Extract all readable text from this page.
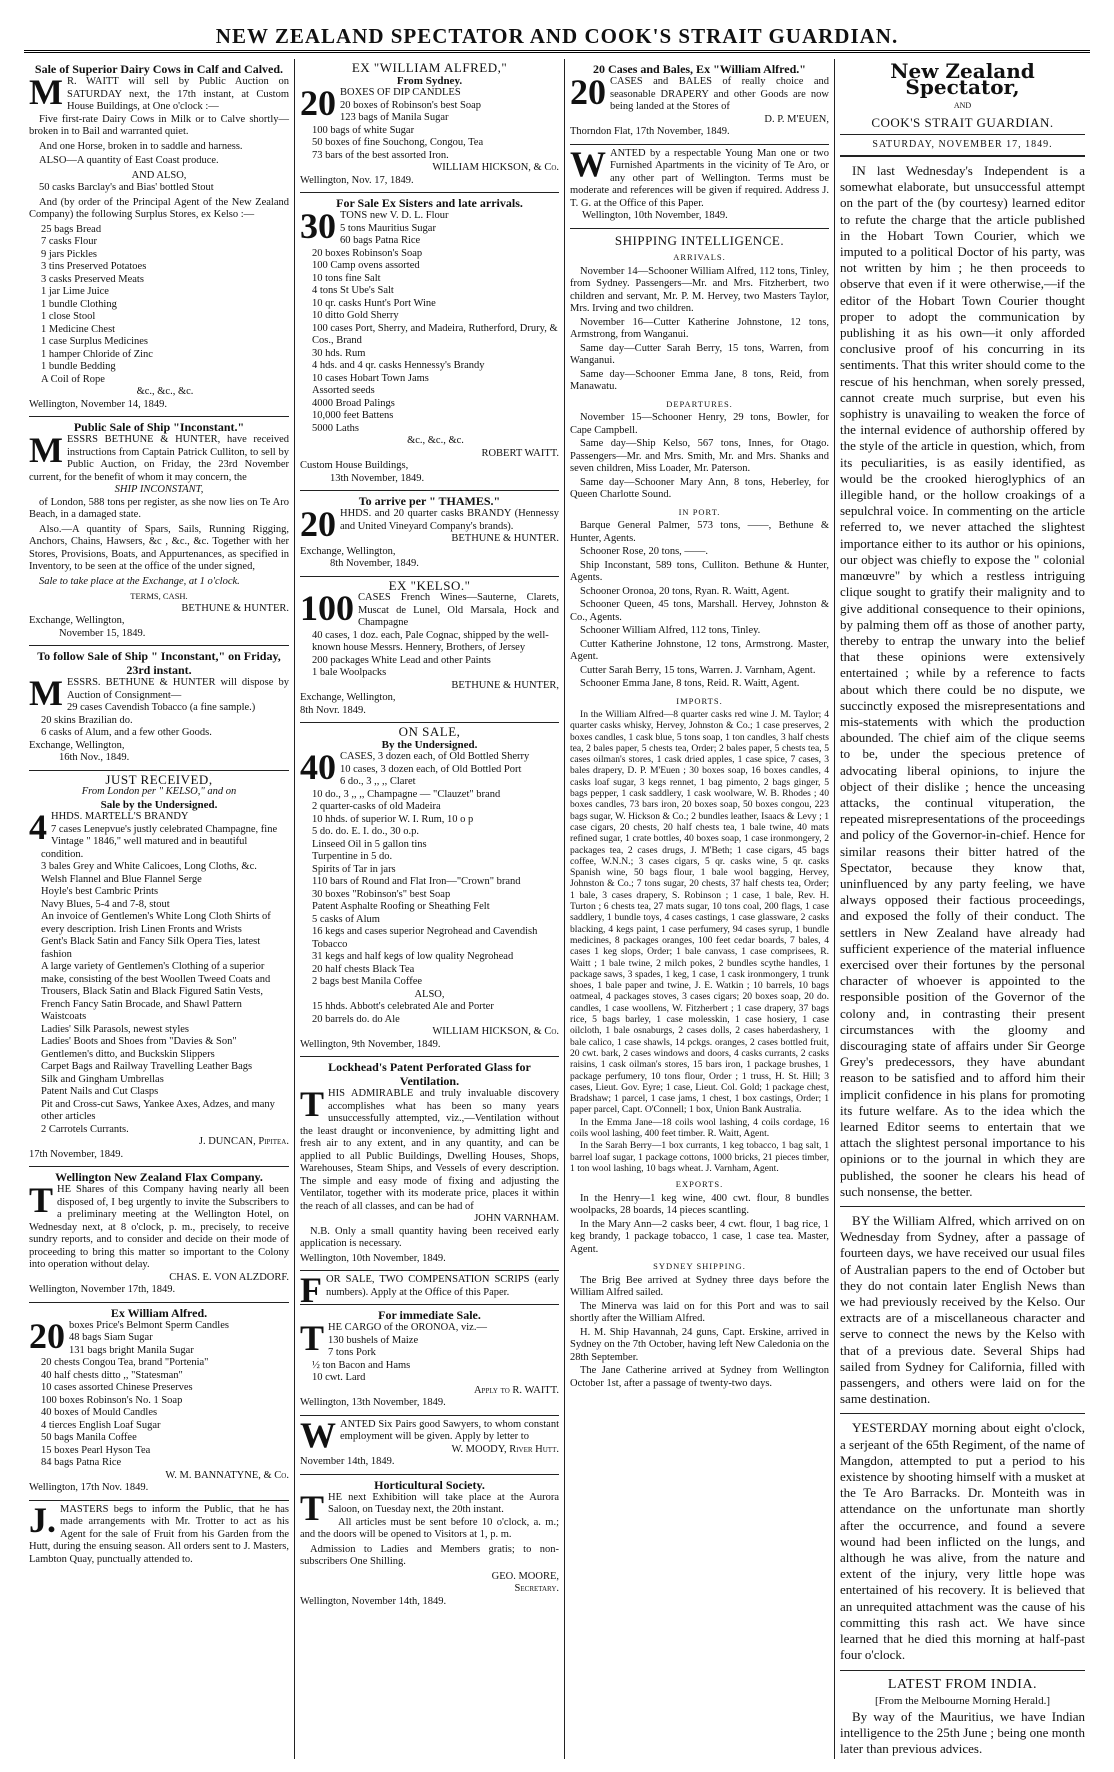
NEW ZEALAND SPECTATOR AND COOK'S STRAIT GUARDIAN.
Sale of Superior Dairy Cows in Calf and Calved.
M R. WAITT will sell by Public Auction on SATURDAY next, the 17th instant, at Custom House Buildings, at One o'clock :—
Five first-rate Dairy Cows in Milk or to Calve shortly—broken in to Bail and warranted quiet.
And one Horse, broken in to saddle and harness.
ALSO—A quantity of East Coast produce.
AND ALSO,
50 casks Barclay's and Bias' bottled Stout
And (by order of the Principal Agent of the New Zealand Company) the following Surplus Stores, ex Kelso :—
25 bags Bread
7 casks Flour
9 jars Pickles
3 tins Preserved Potatoes
3 casks Preserved Meats
1 jar Lime Juice
1 bundle Clothing
1 close Stool
1 Medicine Chest
1 case Surplus Medicines
1 hamper Chloride of Zinc
1 bundle Bedding
A Coil of Rope
&c., &c., &c.
Wellington, November 14, 1849.
Public Sale of Ship "Inconstant."
MESSRS BETHUNE & HUNTER, have received instructions from Captain Patrick Culliton, to sell by Public Auction, on Friday, the 23rd November current, for the benefit of whom it may concern, the
SHIP INCONSTANT,
of London, 588 tons per register, as she now lies on Te Aro Beach, in a damaged state.
Also.—A quantity of Spars, Sails, Running Rigging, Anchors, Chains, Hawsers, &c , &c., &c. Together with her Stores, Provisions, Boats, and Appurtenances, as specified in Inventory, to be seen at the office of the under signed,
Sale to take place at the Exchange, at 1 o'clock.
TERMS, CASH.
BETHUNE & HUNTER.
Exchange, Wellington,
November 15, 1849.
To follow Sale of Ship " Inconstant," on Friday, 23rd instant.
MESSRS. BETHUNE & HUNTER will dispose by Auction of Consignment—
29 cases Cavendish Tobacco (a fine sample.)
20 skins Brazilian do.
6 casks of Alum, and a few other Goods.
Exchange, Wellington,
16th Nov., 1849.
JUST RECEIVED,
From London per " KELSO," and on
Sale by the Undersigned.
4 HHDS. MARTELL'S BRANDY
7 cases Lenepvue's justly celebrated Champagne, fine Vintage " 1846," well matured and in beautiful condition.
3 bales Grey and White Calicoes, Long Cloths, &c.
Welsh Flannel and Blue Flannel Serge
Hoyle's best Cambric Prints
Navy Blues, 5-4 and 7-8, stout
An invoice of Gentlemen's White Long Cloth Shirts of every description. Irish Linen Fronts and Wrists
Gent's Black Satin and Fancy Silk Opera Ties, latest fashion
A large variety of Gentlemen's Clothing of a superior make, consisting of the best Woollen Tweed Coats and Trousers, Black Satin and Black Figured Satin Vests, French Fancy Satin Brocade, and Shawl Pattern Waistcoats
Ladies' Silk Parasols, newest styles
Ladies' Boots and Shoes from "Davies & Son"
Gentlemen's ditto, and Buckskin Slippers
Carpet Bags and Railway Travelling Leather Bags
Silk and Gingham Umbrellas
Patent Nails and Cut Clasps
Pit and Cross-cut Saws, Yankee Axes, Adzes, and many other articles
2 Carrotels Currants.
J. DUNCAN, Pipitea.
17th November, 1849.
Wellington New Zealand Flax Company.
THE Shares of this Company having nearly all been disposed of, I beg urgently to invite the Subscribers to a preliminary meeting at the Wellington Hotel, on Wednesday next, at 8 o'clock, p. m., precisely, to receive sundry reports, and to consider and decide on their mode of proceeding to bring this matter so important to the Colony into operation without delay.
CHAS. E. VON ALZDORF.
Wellington, November 17th, 1849.
Ex William Alfred.
20 boxes Price's Belmont Sperm Candles
48 bags Siam Sugar
131 bags bright Manila Sugar
20 chests Congou Tea, brand "Portenia"
40 half chests ditto ,, "Statesman"
10 cases assorted Chinese Preserves
100 boxes Robinson's No. 1 Soap
40 boxes of Mould Candles
4 tierces English Loaf Sugar
50 bags Manila Coffee
15 boxes Pearl Hyson Tea
84 bags Patna Rice
W. M. BANNATYNE, & Co.
Wellington, 17th Nov. 1849.
J. MASTERS begs to inform the Public, that he has made arrangements with Mr. Trotter to act as his Agent for the sale of Fruit from his Garden from the Hutt, during the ensuing season. All orders sent to J. Masters, Lambton Quay, punctually attended to.
EX "WILLIAM ALFRED,"
From Sydney.
20 BOXES OF DIP CANDLES
20 boxes of Robinson's best Soap
123 bags of Manila Sugar
100 bags of white Sugar
50 boxes of fine Souchong, Congou, Tea
73 bars of the best assorted Iron.
WILLIAM HICKSON, & Co.
Wellington, Nov. 17, 1849.
For Sale Ex Sisters and late arrivals.
30 TONS new V. D. L. Flour
5 tons Mauritius Sugar
60 bags Patna Rice
20 boxes Robinson's Soap
100 Camp ovens assorted
10 tons fine Salt
4 tons St Ube's Salt
10 qr. casks Hunt's Port Wine
10 ditto Gold Sherry
100 cases Port, Sherry, and Madeira, Rutherford, Drury, & Cos., Brand
30 hds. Rum
4 hds. and 4 qr. casks Hennessy's Brandy
10 cases Hobart Town Jams
Assorted seeds
4000 Broad Palings
10,000 feet Battens
5000 Laths
&c., &c., &c.
ROBERT WAITT.
Custom House Buildings,
13th November, 1849.
To arrive per " THAMES."
20 HHDS. and 20 quarter casks BRANDY (Hennessy and United Vineyard Company's brands).
BETHUNE & HUNTER.
Exchange, Wellington,
8th November, 1849.
EX "KELSO."
100 CASES French Wines—Sauterne, Clarets, Muscat de Lunel, Old Marsala, Hock and Champagne
40 cases, 1 doz. each, Pale Cognac, shipped by the well-known house Messrs. Hennery, Brothers, of Jersey
200 packages White Lead and other Paints
1 bale Woolpacks
BETHUNE & HUNTER,
Exchange, Wellington,
8th Novr. 1849.
ON SALE,
By the Undersigned.
40 CASES, 3 dozen each, of Old Bottled Sherry
10 cases, 3 dozen each, of Old Bottled Port
6 do., 3 ,, ,, Claret
10 do., 3 ,, ,, Champagne — "Clauzet" brand
2 quarter-casks of old Madeira
10 hhds. of superior W. I. Rum, 10 o p
5 do. do. E. I. do., 30 o.p.
Linseed Oil in 5 gallon tins
Turpentine in 5 do.
Spirits of Tar in jars
110 bars of Round and Flat Iron—"Crown" brand
30 boxes "Robinson's" best Soap
Patent Asphalte Roofing or Sheathing Felt
5 casks of Alum
16 kegs and cases superior Negrohead and Cavendish Tobacco
31 kegs and half kegs of low quality Negrohead
20 half chests Black Tea
2 bags best Manila Coffee
ALSO,
15 hhds. Abbott's celebrated Ale and Porter
20 barrels do. do Ale
WILLIAM HICKSON, & Co.
Wellington, 9th November, 1849.
Lockhead's Patent Perforated Glass for Ventilation.
THIS ADMIRABLE and truly invaluable discovery accomplishes what has been so many years unsuccessfully attempted, viz.,—Ventilation without the least draught or inconvenience, by admitting light and fresh air to any extent, and in any quantity, and can be applied to all Public Buildings, Dwelling Houses, Shops, Warehouses, Steam Ships, and Vessels of every description. The simple and easy mode of fixing and adjusting the Ventilator, together with its moderate price, places it within the reach of all classes, and can be had of
JOHN VARNHAM.
N.B. Only a small quantity having been received early application is necessary.
Wellington, 10th November, 1849.
FOR SALE, TWO COMPENSATION SCRIPS (early numbers). Apply at the Office of this Paper.
For immediate Sale.
THE CARGO of the ORONOA, viz.—
130 bushels of Maize
7 tons Pork
½ ton Bacon and Hams
10 cwt. Lard
Apply to R. WAITT.
Wellington, 13th November, 1849.
WANTED Six Pairs good Sawyers, to whom constant employment will be given. Apply by letter to
W. MOODY, River Hutt.
November 14th, 1849.
Horticultural Society.
THE next Exhibition will take place at the Aurora Saloon, on Tuesday next, the 20th instant.
All articles must be sent before 10 o'clock, a. m.; and the doors will be opened to Visitors at 1, p. m.
Admission to Ladies and Members gratis; to non-subscribers One Shilling.
GEO. MOORE,
Secretary.
Wellington, November 14th, 1849.
20 Cases and Bales, Ex "William Alfred."
20 CASES and BALES of really choice and seasonable DRAPERY and other Goods are now being landed at the Stores of
D. P. M'EUEN,
Thorndon Flat, 17th November, 1849.
WANTED by a respectable Young Man one or two Furnished Apartments in the vicinity of Te Aro, or any other part of Wellington. Terms must be moderate and references will be given if required. Address J. T. G. at the Office of this Paper.
Wellington, 10th November, 1849.
SHIPPING INTELLIGENCE.
ARRIVALS.
November 14—Schooner William Alfred, 112 tons, Tinley, from Sydney. Passengers—Mr. and Mrs. Fitzherbert, two children and servant, Mr. P. M. Hervey, two Masters Taylor, Mrs. Irving and two children.
November 16—Cutter Katherine Johnstone, 12 tons, Armstrong, from Wanganui.
Same day—Cutter Sarah Berry, 15 tons, Warren, from Wanganui.
Same day—Schooner Emma Jane, 8 tons, Reid, from Manawatu.
DEPARTURES.
November 15—Schooner Henry, 29 tons, Bowler, for Cape Campbell.
Same day—Ship Kelso, 567 tons, Innes, for Otago. Passengers—Mr. and Mrs. Smith, Mr. and Mrs. Shanks and seven children, Miss Loader, Mr. Paterson.
Same day—Schooner Mary Ann, 8 tons, Heberley, for Queen Charlotte Sound.
IN PORT.
Barque General Palmer, 573 tons, ——, Bethune & Hunter, Agents.
Schooner Rose, 20 tons, ——.
Ship Inconstant, 589 tons, Culliton. Bethune & Hunter, Agents.
Schooner Oronoa, 20 tons, Ryan. R. Waitt, Agent.
Schooner Queen, 45 tons, Marshall. Hervey, Johnston & Co., Agents.
Schooner William Alfred, 112 tons, Tinley.
Cutter Katherine Johnstone, 12 tons, Armstrong. Master, Agent.
Cutter Sarah Berry, 15 tons, Warren. J. Varnham, Agent.
Schooner Emma Jane, 8 tons, Reid. R. Waitt, Agent.
IMPORTS.
In the William Alfred—8 quarter casks red wine J. M. Taylor; 4 quarter casks whisky, Hervey, Johnston & Co.; 1 case preserves, 2 boxes candles, 1 cask blue, 5 tons soap, 1 ton candles, 3 half chests tea, 2 bales paper, 5 chests tea, Order; 2 bales paper, 5 chests tea, 5 cases oilman's stores, 1 cask dried apples, 1 case spice, 7 cases, 3 bales drapery, D. P. M'Euen ; 30 boxes soap, 16 boxes candles, 4 casks loaf sugar, 3 kegs rennet, 1 bag pimento, 2 bags ginger, 5 bags pepper, 1 cask saddlery, 1 cask woolware, W. B. Rhodes ; 40 boxes candles, 73 bars iron, 20 boxes soap, 50 boxes congou, 223 bags sugar, W. Hickson & Co.; 2 bundles leather, Isaacs & Levy ; 1 case cigars, 20 chests, 20 half chests tea, 1 bale twine, 40 mats refined sugar, 1 crate bottles, 40 boxes soap, 1 case ironmongery, 2 packages tea, 2 cases drugs, J. M'Beth; 1 case cigars, 45 bags coffee, W.N.N.; 3 cases cigars, 5 qr. casks wine, 5 qr. casks Spanish wine, 50 bags flour, 1 bale wool bagging, Hervey, Johnston & Co.; 7 tons sugar, 20 chests, 37 half chests tea, Order; 1 bale, 3 cases drapery, S. Robinson ; 1 case, 1 bale, Rev. H. Turton ; 6 chests tea, 27 mats sugar, 10 tons coal, 200 flags, 1 case saddlery, 1 bundle toys, 4 cases castings, 1 case glassware, 2 casks blacking, 4 kegs paint, 1 case perfumery, 94 cases syrup, 1 bundle medicines, 8 packages oranges, 100 feet cedar boards, 7 bales, 4 cases 1 keg slops, Order; 1 bale canvass, 1 case comprisees, R. Waitt ; 1 bale twine, 2 milch pokes, 2 bundles scythe handles, 1 package saws, 3 spades, 1 keg, 1 case, 1 cask ironmongery, 1 trunk shoes, 1 bale paper and twine, J. E. Watkin ; 10 barrels, 10 bags oatmeal, 4 packages stoves, 3 cases cigars; 20 boxes soap, 20 do. candles, 1 case woollens, W. Fitzherbert ; 1 case drapery, 37 bags rice, 5 bags barley, 1 case molesskin, 1 case hosiery, 1 case oilcloth, 1 bale osnaburgs, 2 cases dolls, 2 cases haberdashery, 1 bale calico, 1 case shawls, 14 pckgs. oranges, 2 cases bottled fruit, 20 cwt. bark, 2 cases windows and doors, 4 casks currants, 2 casks raisins, 1 cask oilman's stores, 15 bars iron, 1 package brushes, 1 package perfumery, 10 tons flour, Order ; 1 truss, H. St. Hill; 3 cases, Lieut. Gov. Eyre; 1 case, Lieut. Col. Gold; 1 package chest, Bradshaw; 1 parcel, 1 case jams, 1 chest, 1 box castings, Order; 1 paper parcel, Capt. O'Connell; 1 box, Union Bank Australia.
In the Emma Jane—18 coils wool lashing, 4 coils cordage, 16 coils wool lashing, 400 feet timber. R. Waitt, Agent.
In the Sarah Berry—1 box currants, 1 keg tobacco, 1 bag salt, 1 barrel loaf sugar, 1 package cottons, 1000 bricks, 21 pieces timber, 1 ton wool lashing, 10 bags wheat. J. Varnham, Agent.
EXPORTS.
In the Henry—1 keg wine, 400 cwt. flour, 8 bundles woolpacks, 28 boards, 14 pieces scantling.
In the Mary Ann—2 casks beer, 4 cwt. flour, 1 bag rice, 1 keg brandy, 1 package tobacco, 1 case, 1 case tea. Master, Agent.
SYDNEY SHIPPING.
The Brig Bee arrived at Sydney three days before the William Alfred sailed.
The Minerva was laid on for this Port and was to sail shortly after the William Alfred.
H. M. Ship Havannah, 24 guns, Capt. Erskine, arrived in Sydney on the 7th October, having left New Caledonia on the 28th September.
The Jane Catherine arrived at Sydney from Wellington October 1st, after a passage of twenty-two days.
New Zealand Spectator,
AND
COOK'S STRAIT GUARDIAN.
SATURDAY, NOVEMBER 17, 1849.

IN last Wednesday's Independent is a somewhat elaborate, but unsuccessful attempt on the part of the (by courtesy) learned editor to refute the charge that the article published in the Hobart Town Courier, which we imputed to a political Doctor of his party, was not written by him ; he then proceeds to observe that even if it were otherwise,—if the editor of the Hobart Town Courier thought proper to adopt the communication by publishing it as his own—it only afforded conclusive proof of his concurring in its sentiments. That this writer should come to the rescue of his henchman, when sorely pressed, cannot create much surprise, but even his sophistry is unavailing to weaken the force of the internal evidence of authorship offered by the style of the article in question, which, from its peculiarities, is as easily identified, as would be the crooked hieroglyphics of an illegible hand, or the hollow croakings of a sepulchral voice. In commenting on the article referred to, we never attached the slightest importance either to its author or his opinions, our object was chiefly to expose the " colonial manœuvre" by which a restless intriguing clique sought to gratify their malignity and to give additional consequence to their opinions, by palming them off as those of another party, thereby to entrap the unwary into the belief that these opinions were extensively entertained ; while by a reference to facts about which there could be no dispute, we succinctly exposed the misrepresentations and mis-statements with which the production abounded. The chief aim of the clique seems to be, under the specious pretence of advocating liberal opinions, to injure the object of their dislike ; hence the unceasing attacks, the continual vituperation, the repeated misrepresentations of the proceedings and policy of the Governor-in-chief. Hence for similar reasons their bitter hatred of the Spectator, because they know that, uninfluenced by any party feeling, we have always opposed their factious proceedings, and exposed the folly of their conduct. The settlers in New Zealand have already had sufficient experience of the material influence exercised over their fortunes by the personal character of whoever is appointed to the responsible position of the Governor of the colony and, in contrasting their present circumstances with the gloomy and discouraging state of affairs under Sir George Grey's predecessors, they have abundant reason to be satisfied and to afford him their implicit confidence in his plans for promoting its future welfare. As to the idea which the learned Editor seems to entertain that we attach the slightest personal importance to his opinions or to the journal in which they are published, the sooner he clears his head of such nonsense, the better.

BY the William Alfred, which arrived on on Wednesday from Sydney, after a passage of fourteen days, we have received our usual files of Australian papers to the end of October but they do not contain later English News than we had previously received by the Kelso. Our extracts are of a miscellaneous character and serve to connect the news by the Kelso with that of a previous date. Several Ships had sailed from Sydney for California, filled with passengers, and others were laid on for the same destination.

YESTERDAY morning about eight o'clock, a serjeant of the 65th Regiment, of the name of Mangdon, attempted to put a period to his existence by shooting himself with a musket at the Te Aro Barracks. Dr. Monteith was in attendance on the unfortunate man shortly after the occurrence, and found a severe wound had been inflicted on the lungs, and although he was alive, from the nature and extent of the injury, very little hope was entertained of his recovery. It is believed that an unrequited attachment was the cause of his committing this rash act. We have since learned that he died this morning at half-past four o'clock.

LATEST FROM INDIA.
[From the Melbourne Morning Herald.]

By way of the Mauritius, we have Indian intelligence to the 25th June ; being one month later than previous advices.
